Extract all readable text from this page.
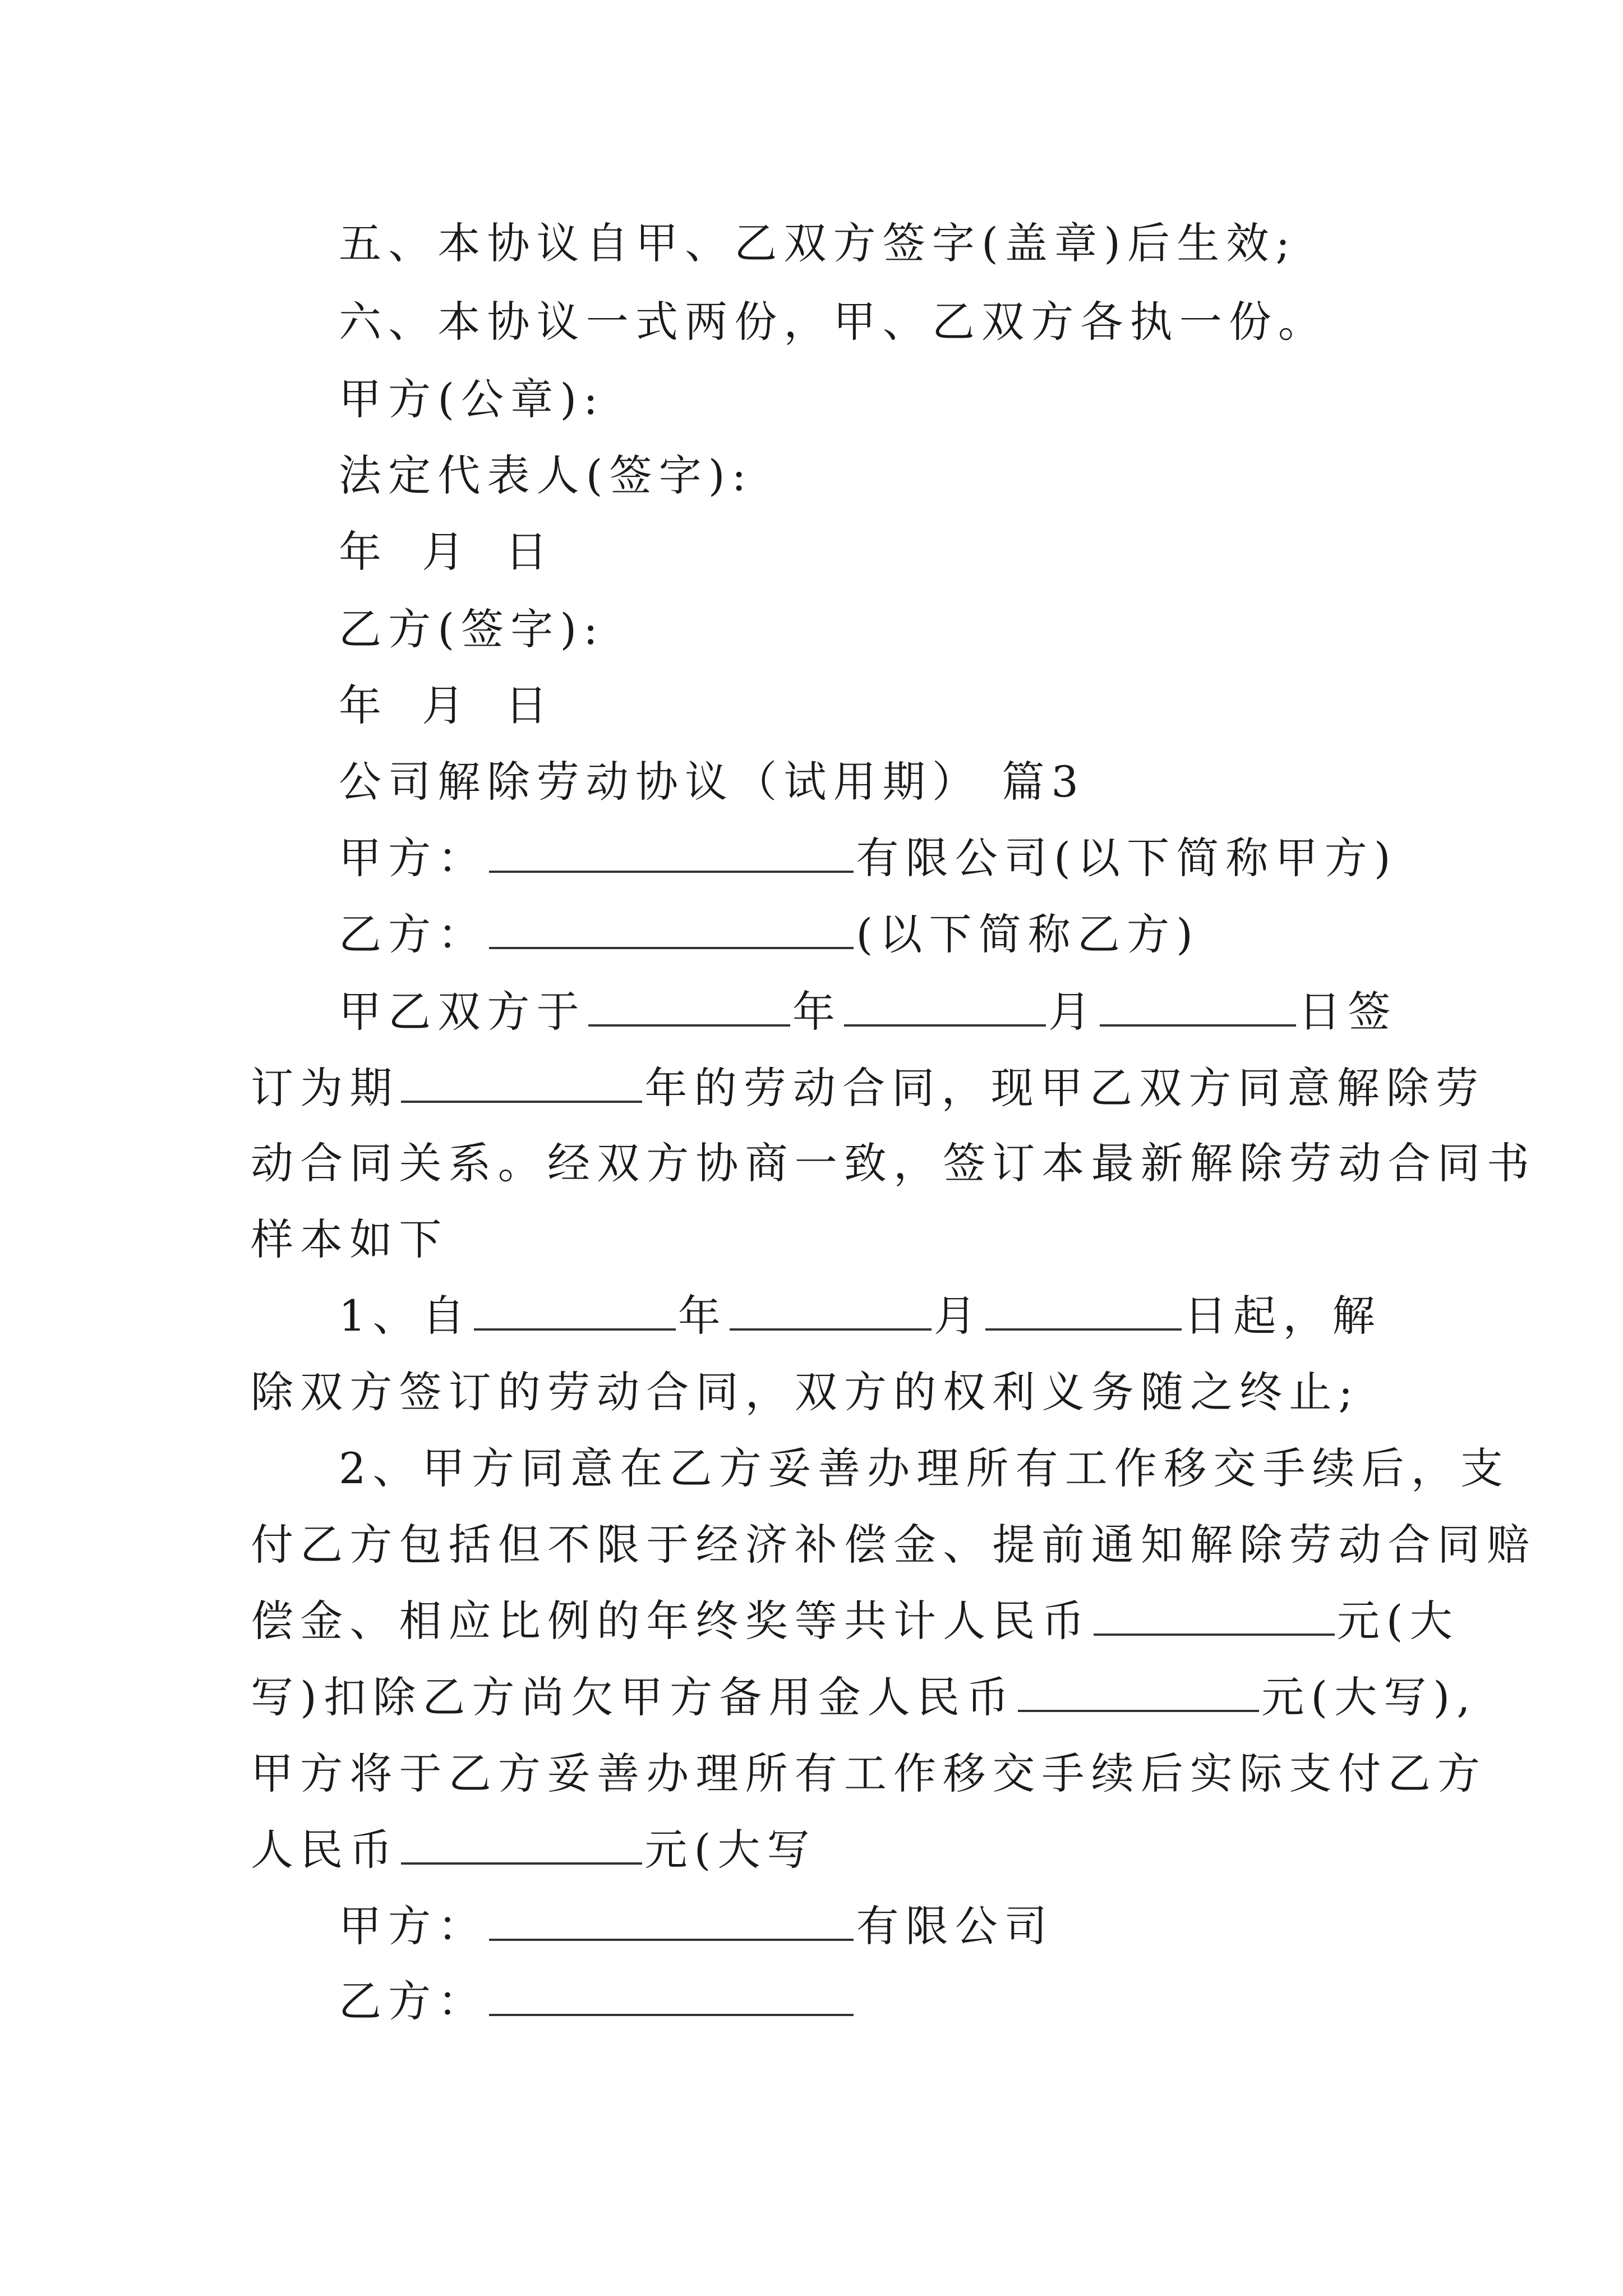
五、本协议自甲、乙双方签字(盖章)后生效;
六、本协议一式两份，甲、乙双方各执一份。
甲方(公章):
法定代表人(签字):
年 月 日
乙方(签字):
年 月 日
公司解除劳动协议（试用期） 篇3
甲方：	有限公司(以下简称甲方)
乙方：	(以下简称乙方)
甲乙双方于	年	月	日签
订为期	年的劳动合同，现甲乙双方同意解除劳
动合同关系。经双方协商一致，签订本最新解除劳动合同书
样本如下
1、自	年	月	日起，解
除双方签订的劳动合同，双方的权利义务随之终止;
2、甲方同意在乙方妥善办理所有工作移交手续后，支
付乙方包括但不限于经济补偿金、提前通知解除劳动合同赔
偿金、相应比例的年终奖等共计人民币	元(大
写)扣除乙方尚欠甲方备用金人民币	元(大写),
甲方将于乙方妥善办理所有工作移交手续后实际支付乙方
人民币	元(大写
甲方：	有限公司
乙方：
